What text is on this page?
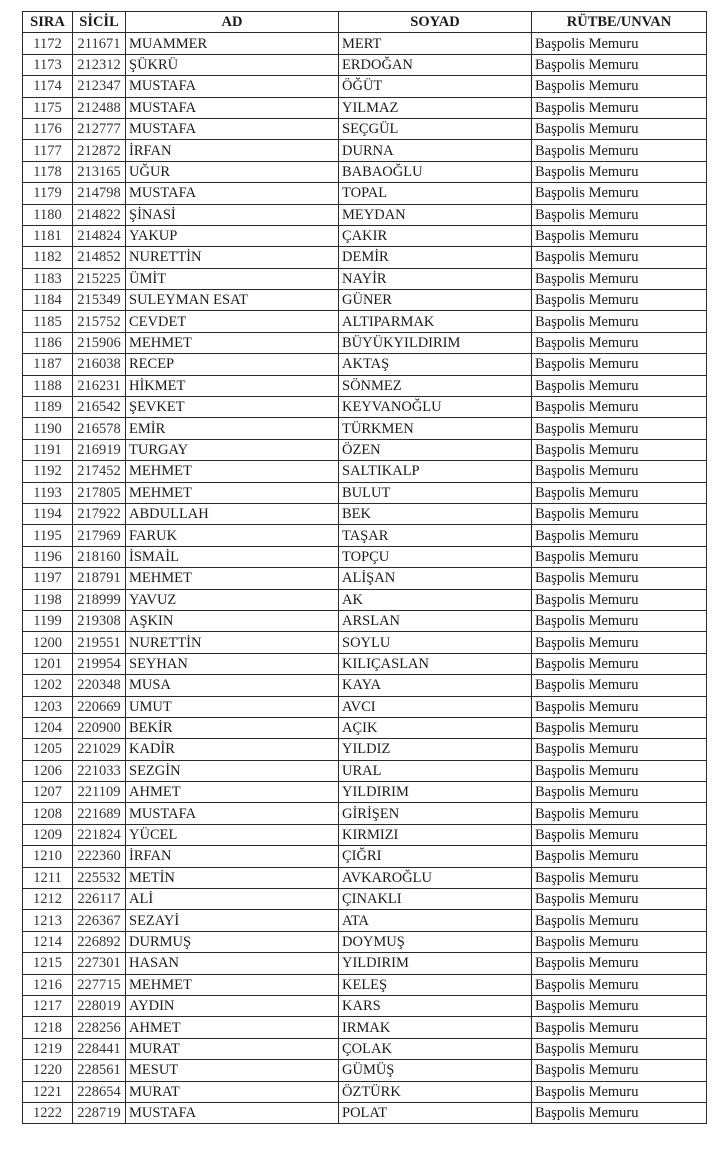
SIRA	SİCİL	AD	SOYAD	RÜTBE/UNVAN
1172	211671	MUAMMER	MERT	Başpolis Memuru
1173	212312	ŞÜKRÜ	ERDOĞAN	Başpolis Memuru
1174	212347	MUSTAFA	ÖĞÜT	Başpolis Memuru
1175	212488	MUSTAFA	YILMAZ	Başpolis Memuru
1176	212777	MUSTAFA	SEÇGÜL	Başpolis Memuru
1177	212872	İRFAN	DURNA	Başpolis Memuru
1178	213165	UĞUR	BABAOĞLU	Başpolis Memuru
1179	214798	MUSTAFA	TOPAL	Başpolis Memuru
1180	214822	ŞİNASİ	MEYDAN	Başpolis Memuru
1181	214824	YAKUP	ÇAKIR	Başpolis Memuru
1182	214852	NURETTİN	DEMİR	Başpolis Memuru
1183	215225	ÜMİT	NAYİR	Başpolis Memuru
1184	215349	SULEYMAN ESAT	GÜNER	Başpolis Memuru
1185	215752	CEVDET	ALTIPARMAK	Başpolis Memuru
1186	215906	MEHMET	BÜYÜKYILDIRIM	Başpolis Memuru
1187	216038	RECEP	AKTAŞ	Başpolis Memuru
1188	216231	HİKMET	SÖNMEZ	Başpolis Memuru
1189	216542	ŞEVKET	KEYVANOĞLU	Başpolis Memuru
1190	216578	EMİR	TÜRKMEN	Başpolis Memuru
1191	216919	TURGAY	ÖZEN	Başpolis Memuru
1192	217452	MEHMET	SALTIKALP	Başpolis Memuru
1193	217805	MEHMET	BULUT	Başpolis Memuru
1194	217922	ABDULLAH	BEK	Başpolis Memuru
1195	217969	FARUK	TAŞAR	Başpolis Memuru
1196	218160	İSMAİL	TOPÇU	Başpolis Memuru
1197	218791	MEHMET	ALİŞAN	Başpolis Memuru
1198	218999	YAVUZ	AK	Başpolis Memuru
1199	219308	AŞKIN	ARSLAN	Başpolis Memuru
1200	219551	NURETTİN	SOYLU	Başpolis Memuru
1201	219954	SEYHAN	KILIÇASLAN	Başpolis Memuru
1202	220348	MUSA	KAYA	Başpolis Memuru
1203	220669	UMUT	AVCI	Başpolis Memuru
1204	220900	BEKİR	AÇIK	Başpolis Memuru
1205	221029	KADİR	YILDIZ	Başpolis Memuru
1206	221033	SEZGİN	URAL	Başpolis Memuru
1207	221109	AHMET	YILDIRIM	Başpolis Memuru
1208	221689	MUSTAFA	GİRİŞEN	Başpolis Memuru
1209	221824	YÜCEL	KIRMIZI	Başpolis Memuru
1210	222360	İRFAN	ÇIĞRI	Başpolis Memuru
1211	225532	METİN	AVKAROĞLU	Başpolis Memuru
1212	226117	ALİ	ÇINAKLI	Başpolis Memuru
1213	226367	SEZAYİ	ATA	Başpolis Memuru
1214	226892	DURMUŞ	DOYMUŞ	Başpolis Memuru
1215	227301	HASAN	YILDIRIM	Başpolis Memuru
1216	227715	MEHMET	KELEŞ	Başpolis Memuru
1217	228019	AYDIN	KARS	Başpolis Memuru
1218	228256	AHMET	IRMAK	Başpolis Memuru
1219	228441	MURAT	ÇOLAK	Başpolis Memuru
1220	228561	MESUT	GÜMÜŞ	Başpolis Memuru
1221	228654	MURAT	ÖZTÜRK	Başpolis Memuru
1222	228719	MUSTAFA	POLAT	Başpolis Memuru
